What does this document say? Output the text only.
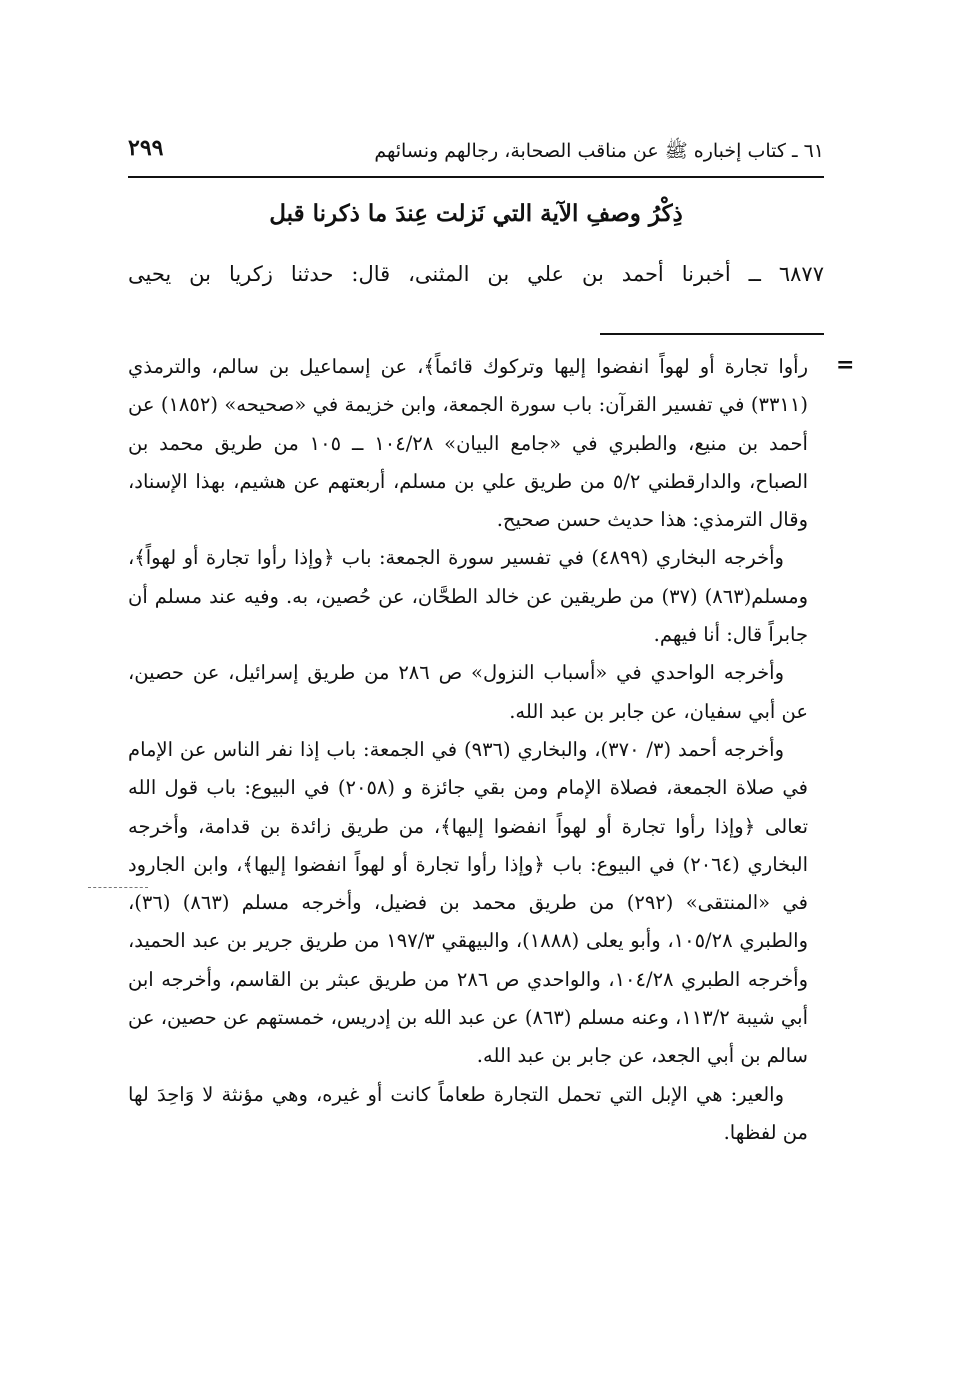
٦١ ـ كتاب إخباره ﷺ عن مناقب الصحابة، رجالهم ونسائهم
٢٩٩
ذِكْرُ وصفِ الآية التي نَزلت عِندَ ما ذكرنا قبل
٦٨٧٧ ــ أخبرنا أحمد بن علي بن المثنى، قال: حدثنا زكريا بن يحيى
=

رأوا تجارة أو لهواً انفضوا إليها وتركوك قائماً﴾، عن إسماعيل بن سالم، والترمذي (٣٣١١) في تفسير القرآن: باب سورة الجمعة، وابن خزيمة في «صحيحه» (١٨٥٢) عن أحمد بن منيع، والطبري في «جامع البيان» ١٠٤/٢٨ ــ ١٠٥ من طريق محمد بن الصباح، والدارقطني ٥/٢ من طريق علي بن مسلم، أربعتهم عن هشيم، بهذا الإسناد، وقال الترمذي: هذا حديث حسن صحيح.

وأخرجه البخاري (٤٨٩٩) في تفسير سورة الجمعة: باب ﴿وإذا رأوا تجارة أو لهواً﴾، ومسلم(٨٦٣) (٣٧) من طريقين عن خالد الطحَّان، عن حُصين، به. وفيه عند مسلم أن جابراً قال: أنا فيهم.

وأخرجه الواحدي في «أسباب النزول» ص ٢٨٦ من طريق إسرائيل، عن حصين، عن أبي سفيان، عن جابر بن عبد الله.

وأخرجه أحمد (٣/ ٣٧٠)، والبخاري (٩٣٦) في الجمعة: باب إذا نفر الناس عن الإمام في صلاة الجمعة، فصلاة الإمام ومن بقي جائزة و (٢٠٥٨) في البيوع: باب قول الله تعالى ﴿وإذا رأوا تجارة أو لهواً انفضوا إليها﴾، من طريق زائدة بن قدامة، وأخرجه البخاري (٢٠٦٤) في البيوع: باب ﴿وإذا رأوا تجارة أو لهواً انفضوا إليها﴾، وابن الجارود في «المنتقى» (٢٩٢) من طريق محمد بن فضيل، وأخرجه مسلم (٨٦٣) (٣٦)، والطبري ١٠٥/٢٨، وأبو يعلى (١٨٨٨)، والبيهقي ١٩٧/٣ من طريق جرير بن عبد الحميد، وأخرجه الطبري ١٠٤/٢٨، والواحدي ص ٢٨٦ من طريق عبثر بن القاسم، وأخرجه ابن أبي شيبة ١١٣/٢، وعنه مسلم (٨٦٣) عن عبد الله بن إدريس، خمستهم عن حصين، عن سالم بن أبي الجعد، عن جابر بن عبد الله.

والعير: هي الإبل التي تحمل التجارة طعاماً كانت أو غيره، وهي مؤنثة لا وَاحِدَ لها من لفظها.
